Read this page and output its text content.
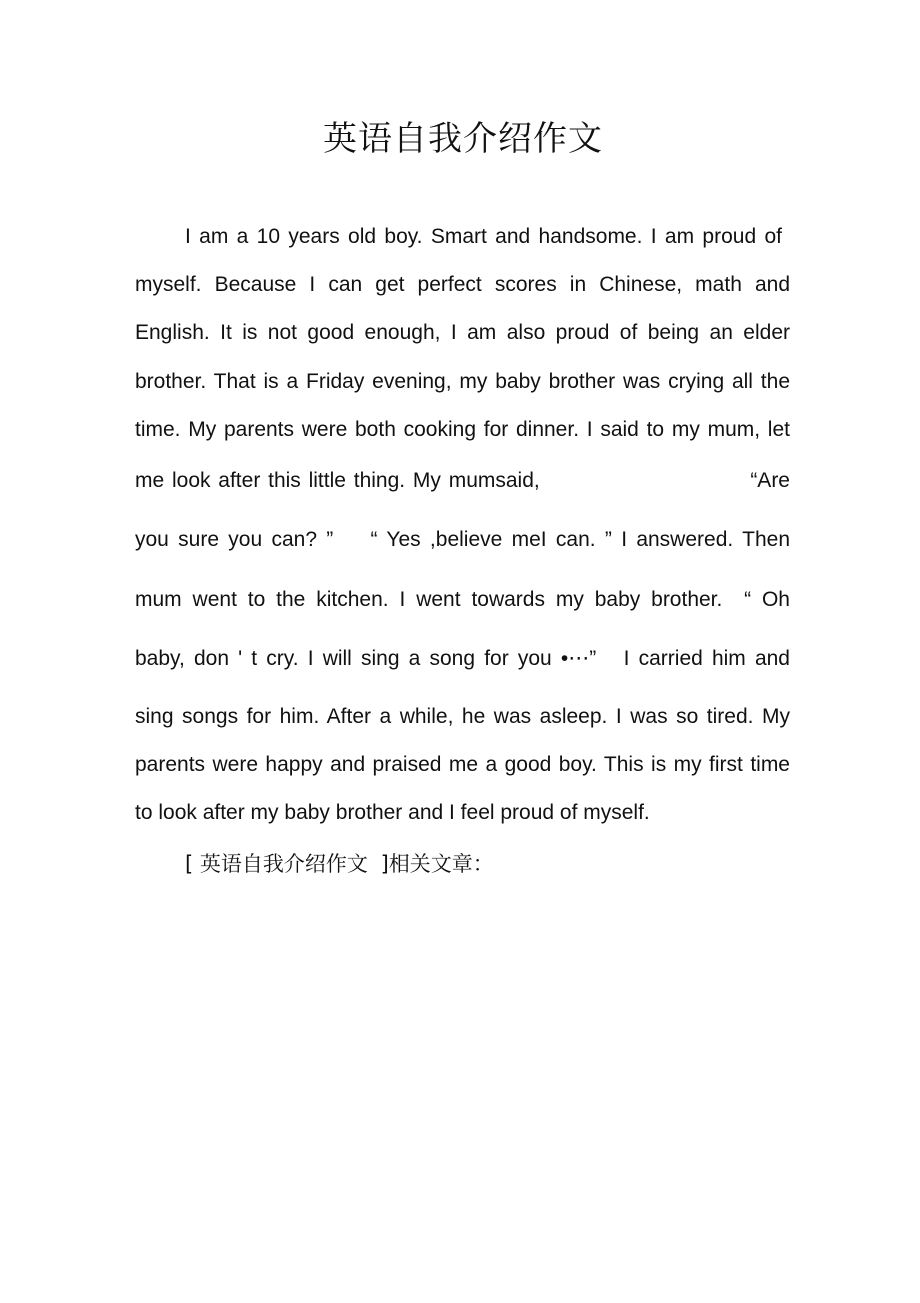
英语自我介绍作文
I am a 10 years old boy. Smart and handsome. I am proud of
myself. Because I can get perfect scores in Chinese, math and
English. It is not good enough, I am also proud of being an elder
brother. That is a Friday evening, my baby brother was crying all the
time. My parents were both cooking for dinner. I said to my mum, let
me look after this little thing. My mumsaid,                           “Are
you sure you can? ”    “ Yes ,believe meI can. ” I answered. Then
mum went to the kitchen. I went towards my baby brother.  “ Oh
baby, don ' t cry. I will sing a song for you •⋯”   I carried him and
sing songs for him. After a while, he was asleep. I was so tired. My
parents were happy and praised me a good boy. This is my first time
to look after my baby brother and I feel proud of myself.
[ 英语自我介绍作文 ]相关文章：
